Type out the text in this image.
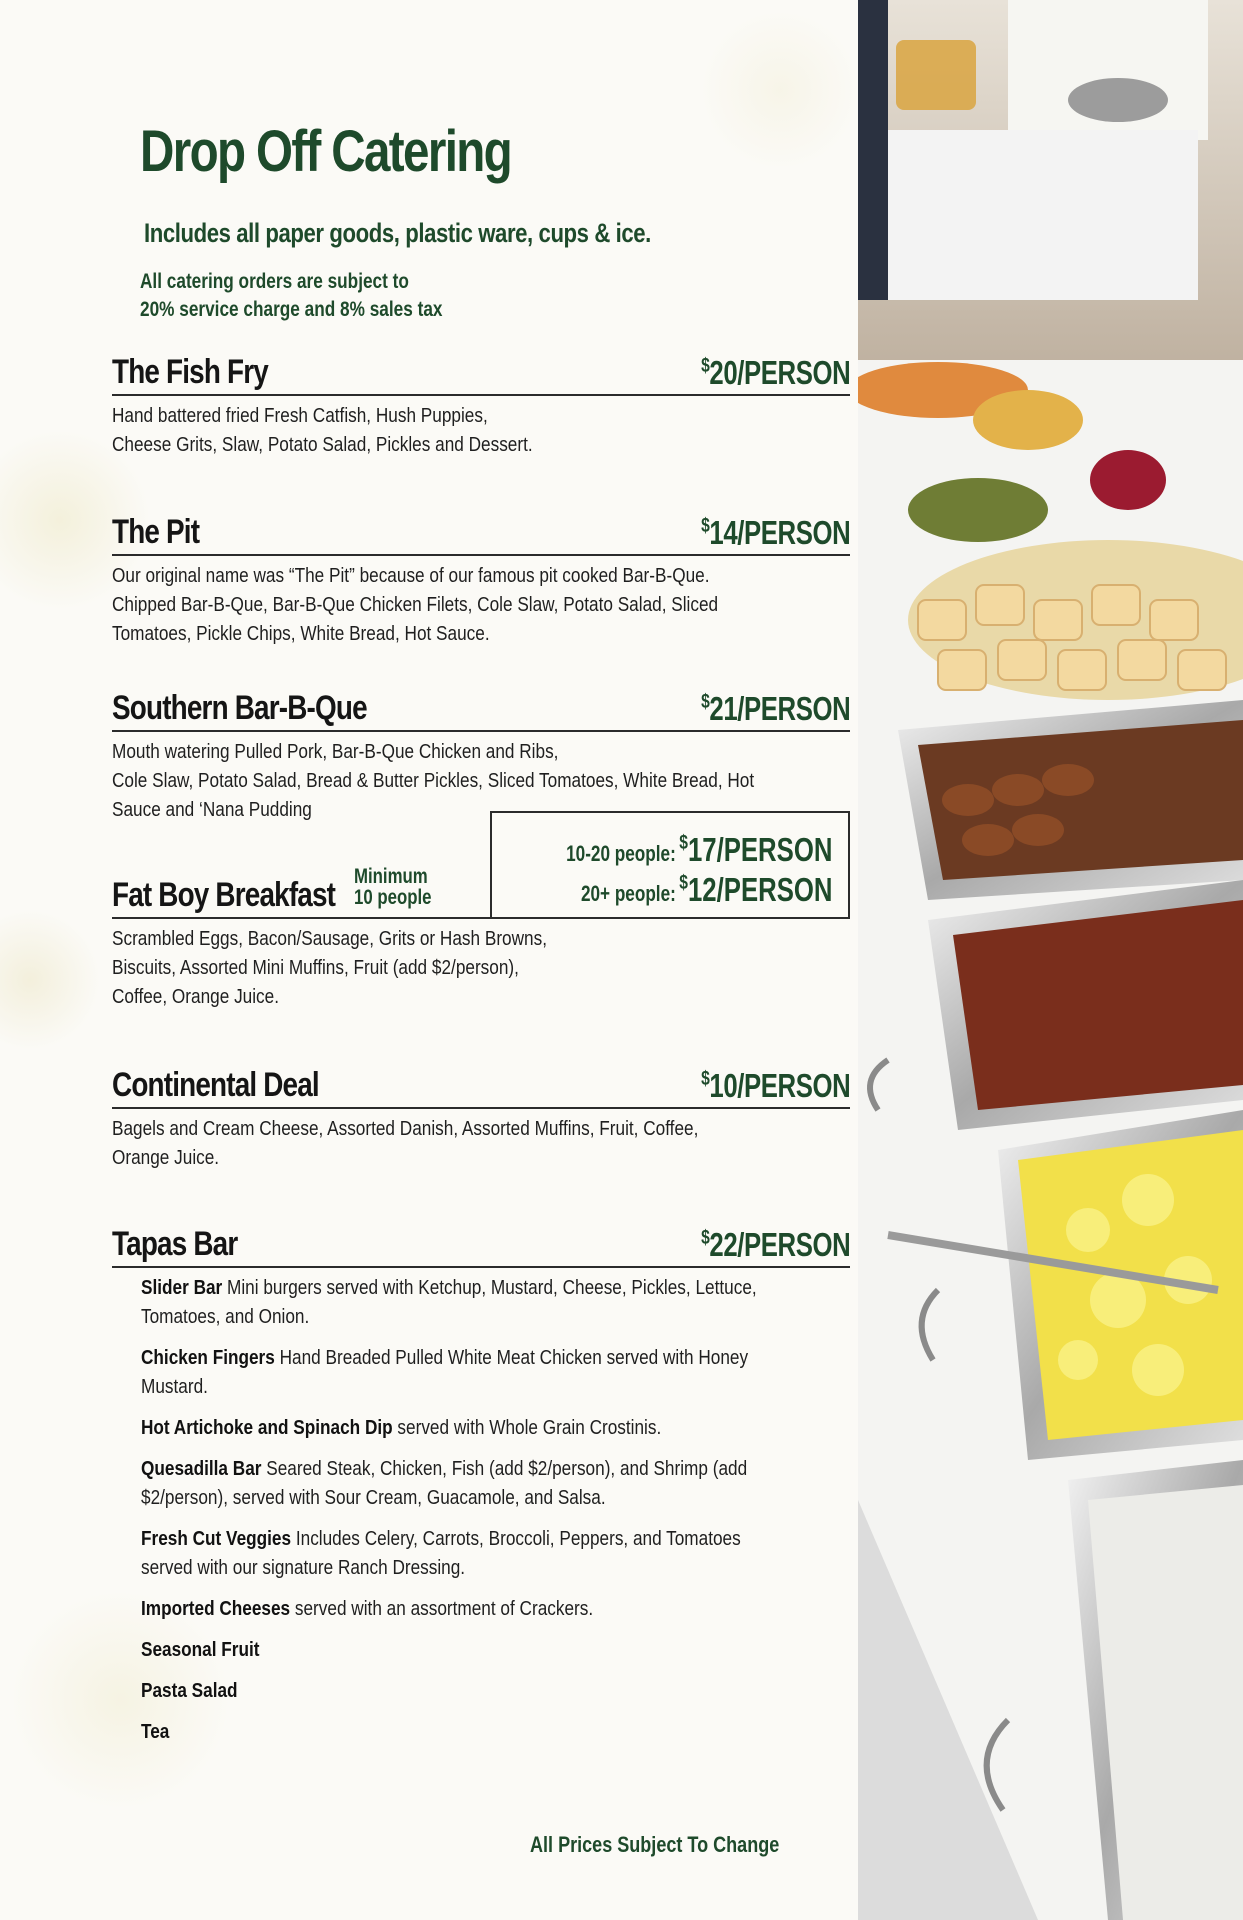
Drop Off Catering
Includes all paper goods, plastic ware, cups & ice.
All catering orders are subject to
20% service charge and 8% sales tax
The Fish Fry	$20/PERSON
Hand battered fried Fresh Catfish, Hush Puppies,
Cheese Grits, Slaw, Potato Salad, Pickles and Dessert.
The Pit	$14/PERSON
Our original name was “The Pit” because of our famous pit cooked Bar-B-Que.
Chipped Bar-B-Que, Bar-B-Que Chicken Filets, Cole Slaw, Potato Salad, Sliced
Tomatoes, Pickle Chips, White Bread, Hot Sauce.
Southern Bar-B-Que	$21/PERSON
Mouth watering Pulled Pork, Bar-B-Que Chicken and Ribs,
Cole Slaw, Potato Salad, Bread & Butter Pickles, Sliced Tomatoes, White Bread, Hot
Sauce and ‘Nana Pudding
10-20 people: $17/PERSON
20+ people: $12/PERSON
Fat Boy Breakfast
Scrambled Eggs, Bacon/Sausage, Grits or Hash Browns,
Biscuits, Assorted Mini Muffins, Fruit (add $2/person),
Coffee, Orange Juice.
Minimum
10 people
Continental Deal	$10/PERSON
Bagels and Cream Cheese, Assorted Danish, Assorted Muffins, Fruit, Coffee,
Orange Juice.
Tapas Bar	$22/PERSON
Slider Bar Mini burgers served with Ketchup, Mustard, Cheese, Pickles, Lettuce,
Tomatoes, and Onion.
Chicken Fingers Hand Breaded Pulled White Meat Chicken served with Honey
Mustard.
Hot Artichoke and Spinach Dip served with Whole Grain Crostinis.
Quesadilla Bar Seared Steak, Chicken, Fish (add $2/person), and Shrimp (add
$2/person), served with Sour Cream, Guacamole, and Salsa.
Fresh Cut Veggies Includes Celery, Carrots, Broccoli, Peppers, and Tomatoes
served with our signature Ranch Dressing.
Imported Cheeses served with an assortment of Crackers.
Seasonal Fruit
Pasta Salad
Tea
All Prices Subject To Change
